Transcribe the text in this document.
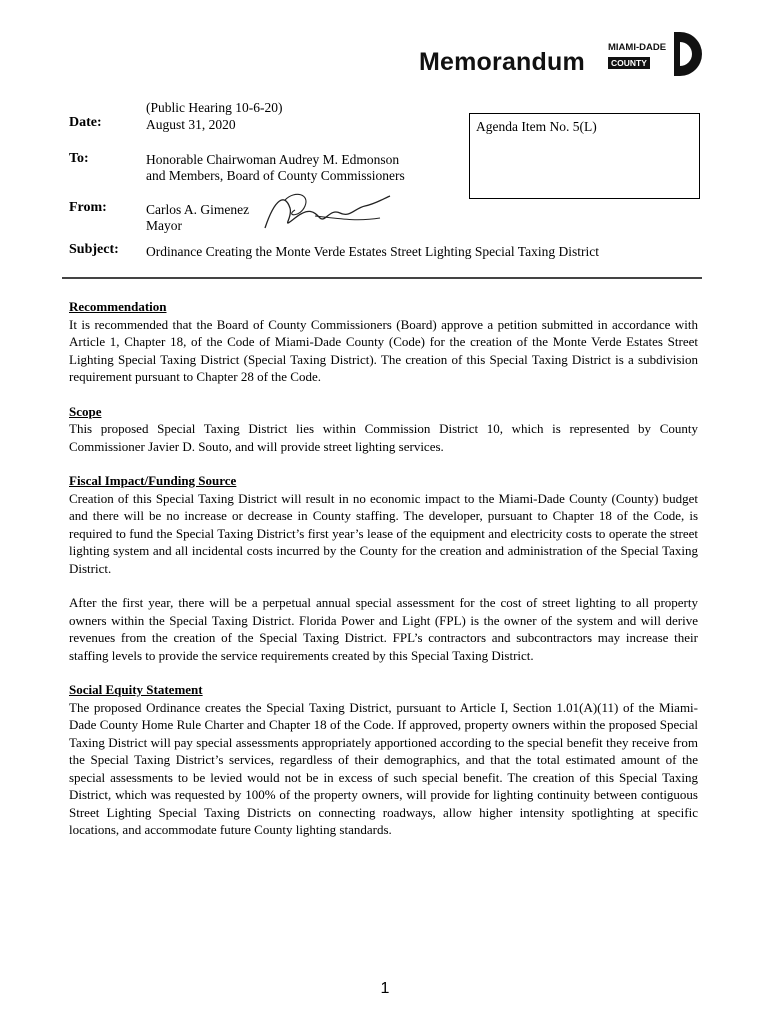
Memorandum
MIAMI-DADE
COUNTY
Date:
(Public Hearing 10-6-20)
August 31, 2020	Agenda Item No. 5(L)
To:	Honorable Chairwoman Audrey M. Edmonson
and Members, Board of County Commissioners
From:	Carlos A. Gimenez
Mayor
Subject: Ordinance Creating the Monte Verde Estates Street Lighting Special Taxing District
Recommendation

It is recommended that the Board of County Commissioners (Board) approve a petition submitted in accordance with Article 1, Chapter 18, of the Code of Miami-Dade County (Code) for the creation of the Monte Verde Estates Street Lighting Special Taxing District (Special Taxing District). The creation of this Special Taxing District is a subdivision requirement pursuant to Chapter 28 of the Code.

Scope

This proposed Special Taxing District lies within Commission District 10, which is represented by County Commissioner Javier D. Souto, and will provide street lighting services.

Fiscal Impact/Funding Source

Creation of this Special Taxing District will result in no economic impact to the Miami-Dade County (County) budget and there will be no increase or decrease in County staffing. The developer, pursuant to Chapter 18 of the Code, is required to fund the Special Taxing District’s first year’s lease of the equipment and electricity costs to operate the street lighting system and all incidental costs incurred by the County for the creation and administration of the Special Taxing District.

After the first year, there will be a perpetual annual special assessment for the cost of street lighting to all property owners within the Special Taxing District. Florida Power and Light (FPL) is the owner of the system and will derive revenues from the creation of the Special Taxing District. FPL’s contractors and subcontractors may increase their staffing levels to provide the service requirements created by this Special Taxing District.

Social Equity Statement

The proposed Ordinance creates the Special Taxing District, pursuant to Article I, Section 1.01(A)(11) of the Miami-Dade County Home Rule Charter and Chapter 18 of the Code. If approved, property owners within the proposed Special Taxing District will pay special assessments appropriately apportioned according to the special benefit they receive from the Special Taxing District’s services, regardless of their demographics, and that the total estimated amount of the special assessments to be levied would not be in excess of such special benefit. The creation of this Special Taxing District, which was requested by 100% of the property owners, will provide for lighting continuity between contiguous Street Lighting Special Taxing Districts on connecting roadways, allow higher intensity spotlighting at specific locations, and accommodate future County lighting standards.

1
